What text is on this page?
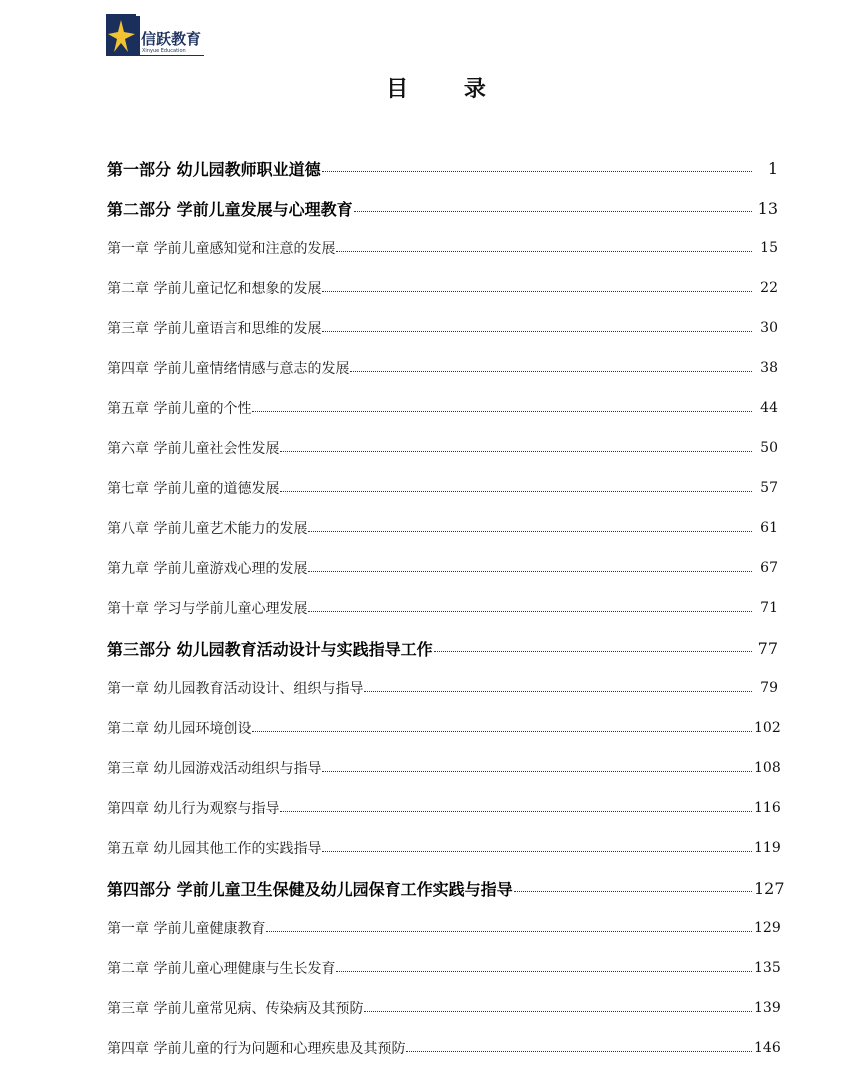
信跃教育
Xinyue Education
目 录
第一部分 幼儿园教师职业道德	1
第二部分 学前儿童发展与心理教育	13
第一章 学前儿童感知觉和注意的发展	15
第二章 学前儿童记忆和想象的发展	22
第三章 学前儿童语言和思维的发展	30
第四章 学前儿童情绪情感与意志的发展	38
第五章 学前儿童的个性	44
第六章 学前儿童社会性发展	50
第七章 学前儿童的道德发展	57
第八章 学前儿童艺术能力的发展	61
第九章 学前儿童游戏心理的发展	67
第十章 学习与学前儿童心理发展	71
第三部分 幼儿园教育活动设计与实践指导工作	77
第一章 幼儿园教育活动设计、组织与指导	79
第二章 幼儿园环境创设	102
第三章 幼儿园游戏活动组织与指导	108
第四章 幼儿行为观察与指导	116
第五章 幼儿园其他工作的实践指导	119
第四部分 学前儿童卫生保健及幼儿园保育工作实践与指导	127
第一章 学前儿童健康教育	129
第二章 学前儿童心理健康与生长发育	135
第三章 学前儿童常见病、传染病及其预防	139
第四章 学前儿童的行为问题和心理疾患及其预防	146
